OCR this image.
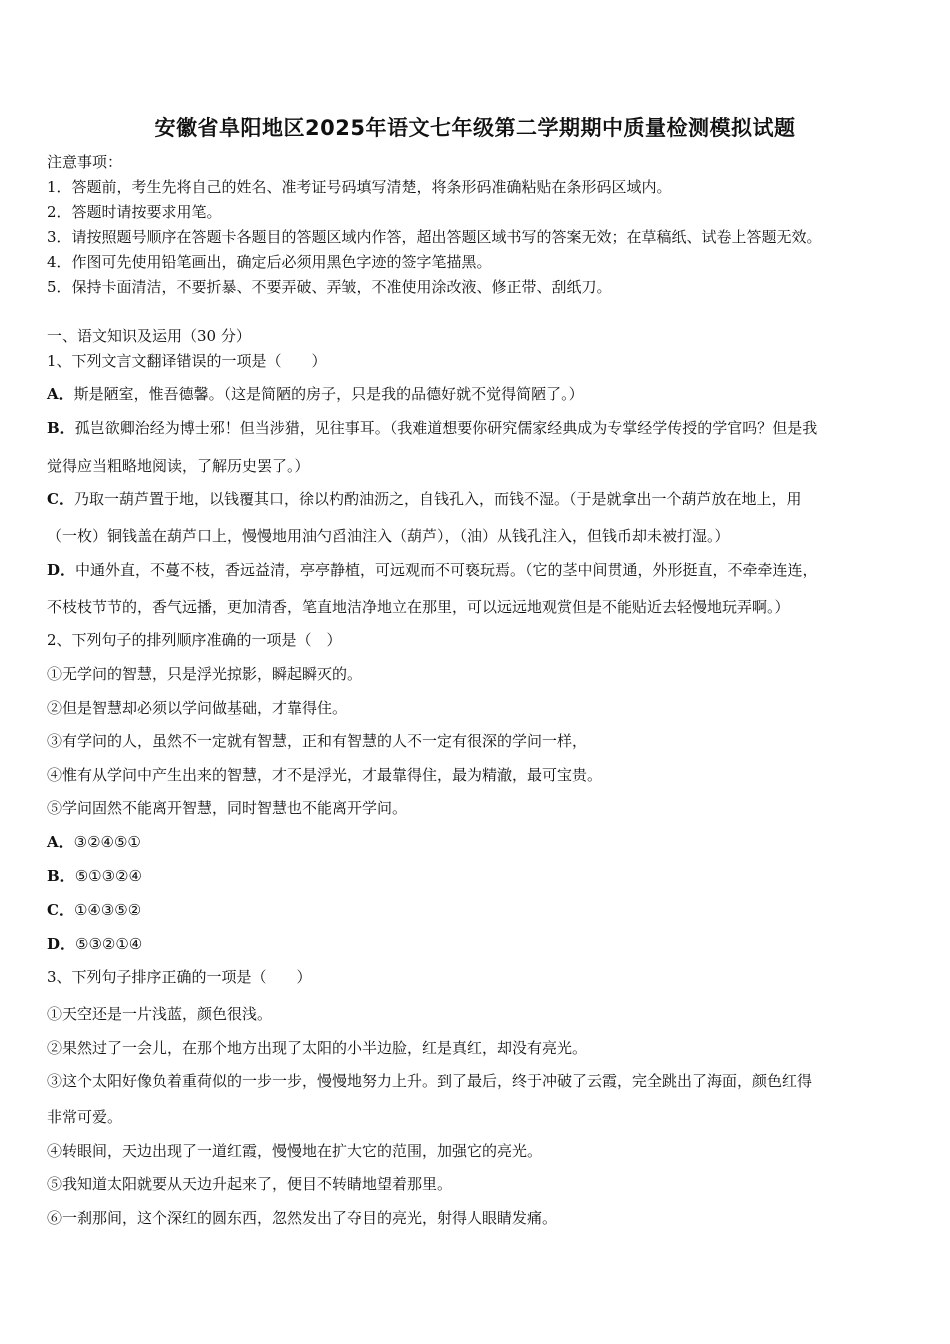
安徽省阜阳地区2025年语文七年级第二学期期中质量检测模拟试题
注意事项：
1．答题前，考生先将自己的姓名、准考证号码填写清楚，将条形码准确粘贴在条形码区域内。
2．答题时请按要求用笔。
3．请按照题号顺序在答题卡各题目的答题区域内作答，超出答题区域书写的答案无效；在草稿纸、试卷上答题无效。
4．作图可先使用铅笔画出，确定后必须用黑色字迹的签字笔描黑。
5．保持卡面清洁，不要折暴、不要弄破、弄皱，不准使用涂改液、修正带、刮纸刀。
一、语文知识及运用（30 分）
1、下列文言文翻译错误的一项是（　　）
A．斯是陋室，惟吾德馨。（这是简陋的房子，只是我的品德好就不觉得简陋了。）
B．孤岂欲卿治经为博士邪！但当涉猎，见往事耳。（我难道想要你研究儒家经典成为专掌经学传授的学官吗？但是我
觉得应当粗略地阅读，了解历史罢了。）
C．乃取一葫芦置于地，以钱覆其口，徐以杓酌油沥之，自钱孔入，而钱不湿。（于是就拿出一个葫芦放在地上，用
（一枚）铜钱盖在葫芦口上，慢慢地用油勺舀油注入（葫芦），（油）从钱孔注入，但钱币却未被打湿。）
D．中通外直，不蔓不枝，香远益清，亭亭静植，可远观而不可亵玩焉。（它的茎中间贯通，外形挺直，不牵牵连连，
不枝枝节节的，香气远播，更加清香，笔直地洁净地立在那里，可以远远地观赏但是不能贴近去轻慢地玩弄啊。）
2、下列句子的排列顺序准确的一项是（　）
①无学问的智慧，只是浮光掠影，瞬起瞬灭的。
②但是智慧却必须以学问做基础，才靠得住。
③有学问的人，虽然不一定就有智慧，正和有智慧的人不一定有很深的学问一样，
④惟有从学问中产生出来的智慧，才不是浮光，才最靠得住，最为精澈，最可宝贵。
⑤学问固然不能离开智慧，同时智慧也不能离开学问。
A．③②④⑤①
B．⑤①③②④
C．①④③⑤②
D．⑤③②①④
3、下列句子排序正确的一项是（　　）
①天空还是一片浅蓝，颜色很浅。
②果然过了一会儿，在那个地方出现了太阳的小半边脸，红是真红，却没有亮光。
③这个太阳好像负着重荷似的一步一步，慢慢地努力上升。到了最后，终于冲破了云霞，完全跳出了海面，颜色红得
非常可爱。
④转眼间，天边出现了一道红霞，慢慢地在扩大它的范围，加强它的亮光。
⑤我知道太阳就要从天边升起来了，便目不转睛地望着那里。
⑥一刹那间，这个深红的圆东西，忽然发出了夺目的亮光，射得人眼睛发痛。
